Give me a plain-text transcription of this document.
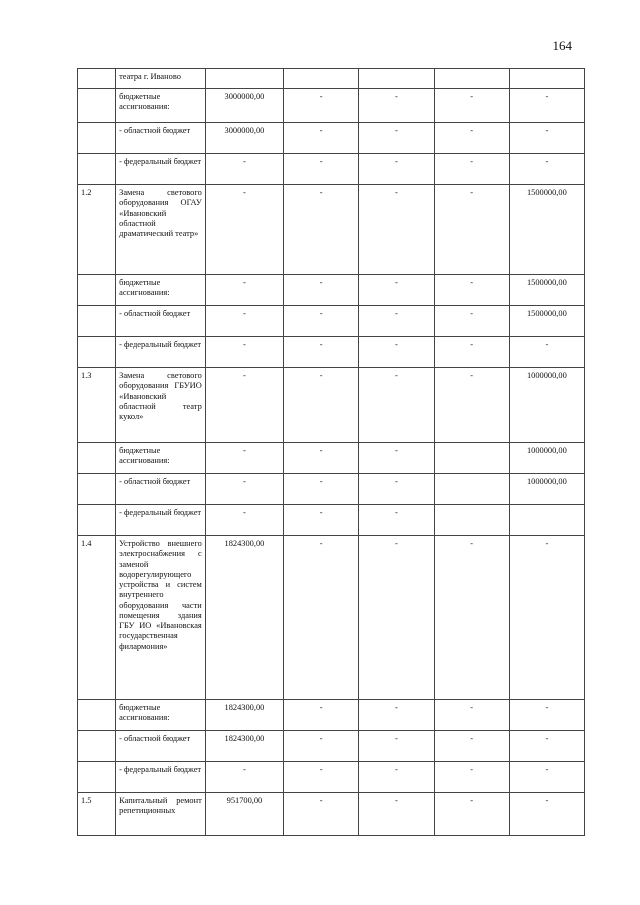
164
	театра г. Иваново					
	бюджетные ассигнования:	3000000,00	-	-	-	-
	- областной бюджет	3000000,00	-	-	-	-
	- федеральный бюджет	-	-	-	-	-
1.2	Замена светового оборудования ОГАУ «Ивановский областной драматический театр»	-	-	-	-	1500000,00
	бюджетные ассигнования:	-	-	-	-	1500000,00
	- областной бюджет	-	-	-	-	1500000,00
	- федеральный бюджет	-	-	-	-	-
1.3	Замена светового оборудования ГБУИО «Ивановский областной театр кукол»	-	-	-	-	1000000,00
	бюджетные ассигнования:	-	-	-		1000000,00
	- областной бюджет	-	-	-		1000000,00
	- федеральный бюджет	-	-	-		
1.4	Устройство внешнего электроснабжения с заменой водорегулирующего устройства и систем внутреннего оборудования части помещения здания ГБУ ИО «Ивановская государственная филармония»	1824300,00	-	-	-	-
	бюджетные ассигнования:	1824300,00	-	-	-	-
	- областной бюджет	1824300,00	-	-	-	-
	- федеральный бюджет	-	-	-	-	-
1.5	Капитальный ремонт репетиционных	951700,00	-	-	-	-
